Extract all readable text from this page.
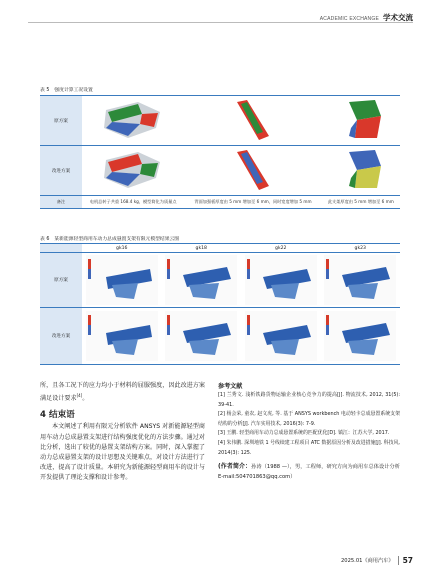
ACADEMIC EXCHANGE 学术交流
表 5 强度计算工况设置
原方案			
改进方案			
备注	电机总转子共重 168.4 kg，模型简化为质量点	背面加强板厚度由 5 mm 增加至 6 mm，同时宽度增加 5 mm	此支架厚度由 5 mm 增加至 6 mm
表 6 某新能源轻型商用车动力总成悬置支架有限元模型结果云图
	gk16	gk18	gk22	gk23
原方案				
改进方案				

所，且各工况下的应力均小于材料的屈服强度，因此改进方案满足设计要求[4]。

4 结束语

本文阐述了利用有限元分析软件 ANSYS 对新能源轻型商用车动力总成悬置支架进行结构强度优化的方法步骤。通过对比分析，选出了较优的悬置支架结构方案。同时，深入掌握了动力总成悬置支架的设计思想及关键难点，对设计方法进行了改进，提高了设计质量。本研究为新能源轻型商用车的设计与开发提供了理论支撑和设计参考。

参考文献

[1] 兰秀文. 浅析铁路货物运输企业核心竞争力的提高[J]. 物流技术, 2012, 31(5): 39-41.

[2] 杨会荣, 童农, 赵文虎, 等. 基于 ANSYS workbench 电动轻卡总成悬置系统支架结构的分析[J]. 汽车实用技术, 2016(3): 7-9.

[3] 王鹏. 轻型商用车动力总成悬置系统的匹配优化[D]. 镇江：江苏大学, 2017.

[4] 朱伟鹏. 深圳地铁 1 号线续建工程项目 ATC 数据原因分析及改进措施[J]. 科技风, 2014(3): 125.

(作者简介：孙涛（1988 —），男，工程师，研究方向为商用车总体设计分析 E-mail:504701863@qq.com）

2025.01《商用汽车》	57
